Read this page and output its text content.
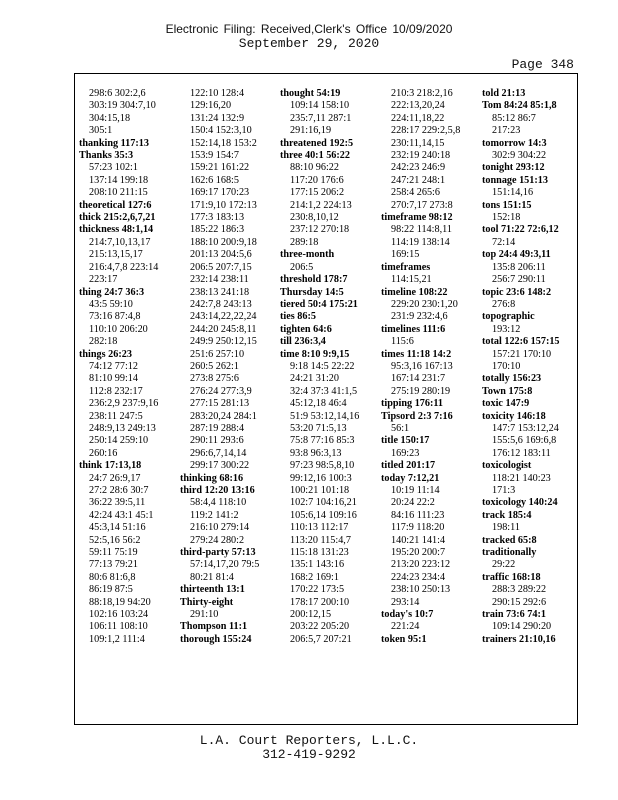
Electronic Filing: Received,Clerk's Office 10/09/2020
September 29, 2020
Page 348
298:6 302:2,6
303:19 304:7,10
304:15,18
305:1
thanking 117:13
Thanks 35:3
57:23 102:1
137:14 199:18
208:10 211:15
theoretical 127:6
thick 215:2,6,7,21
thickness 48:1,14
214:7,10,13,17
215:13,15,17
216:4,7,8 223:14
223:17
thing 24:7 36:3
43:5 59:10
73:16 87:4,8
110:10 206:20
282:18
things 26:23
74:12 77:12
81:10 99:14
112:8 232:17
236:2,9 237:9,16
238:11 247:5
248:9,13 249:13
250:14 259:10
260:16
think 17:13,18
24:7 26:9,17
27:2 28:6 30:7
36:22 39:5,11
42:24 43:1 45:1
45:3,14 51:16
52:5,16 56:2
59:11 75:19
77:13 79:21
80:6 81:6,8
86:19 87:5
88:18,19 94:20
102:16 103:24
106:11 108:10
109:1,2 111:4
122:10 128:4
129:16,20
131:24 132:9
150:4 152:3,10
152:14,18 153:2
153:9 154:7
159:21 161:22
162:6 168:5
169:17 170:23
171:9,10 172:13
177:3 183:13
185:22 186:3
188:10 200:9,18
201:13 204:5,6
206:5 207:7,15
232:14 238:11
238:13 241:18
242:7,8 243:13
243:14,22,22,24
244:20 245:8,11
249:9 250:12,15
251:6 257:10
260:5 262:1
273:8 275:6
276:24 277:3,9
277:15 281:13
283:20,24 284:1
287:19 288:4
290:11 293:6
296:6,7,14,14
299:17 300:22
thinking 68:16
third 12:20 13:16
58:4,4 118:10
119:2 141:2
216:10 279:14
279:24 280:2
third-party 57:13
57:14,17,20 79:5
80:21 81:4
thirteenth 13:1
Thirty-eight
291:10
Thompson 11:1
thorough 155:24
thought 54:19
109:14 158:10
235:7,11 287:1
291:16,19
threatened 192:5
three 40:1 56:22
88:10 96:22
117:20 176:6
177:15 206:2
214:1,2 224:13
230:8,10,12
237:12 270:18
289:18
three-month
206:5
threshold 178:7
Thursday 14:5
tiered 50:4 175:21
ties 86:5
tighten 64:6
till 236:3,4
time 8:10 9:9,15
9:18 14:5 22:22
24:21 31:20
32:4 37:3 41:1,5
45:12,18 46:4
51:9 53:12,14,16
53:20 71:5,13
75:8 77:16 85:3
93:8 96:3,13
97:23 98:5,8,10
99:12,16 100:3
100:21 101:18
102:7 104:16,21
105:6,14 109:16
110:13 112:17
113:20 115:4,7
115:18 131:23
135:1 143:16
168:2 169:1
170:22 173:5
178:17 200:10
200:12,15
203:22 205:20
206:5,7 207:21
210:3 218:2,16
222:13,20,24
224:11,18,22
228:17 229:2,5,8
230:11,14,15
232:19 240:18
242:23 246:9
247:21 248:1
258:4 265:6
270:7,17 273:8
timeframe 98:12
98:22 114:8,11
114:19 138:14
169:15
timeframes
114:15,21
timeline 108:22
229:20 230:1,20
231:9 232:4,6
timelines 111:6
115:6
times 11:18 14:2
95:3,16 167:13
167:14 231:7
275:19 280:19
tipping 176:11
Tipsord 2:3 7:16
56:1
title 150:17
169:23
titled 201:17
today 7:12,21
10:19 11:14
20:24 22:2
84:16 111:23
117:9 118:20
140:21 141:4
195:20 200:7
213:20 223:12
224:23 234:4
238:10 250:13
293:14
today's 10:7
221:24
token 95:1
told 21:13
Tom 84:24 85:1,8
85:12 86:7
217:23
tomorrow 14:3
302:9 304:22
tonight 293:12
tonnage 151:13
151:14,16
tons 151:15
152:18
tool 71:22 72:6,12
72:14
top 24:4 49:3,11
135:8 206:11
256:7 290:11
topic 23:6 148:2
276:8
topographic
193:12
total 122:6 157:15
157:21 170:10
170:10
totally 156:23
Town 175:8
toxic 147:9
toxicity 146:18
147:7 153:12,24
155:5,6 169:6,8
176:12 183:11
toxicologist
118:21 140:23
171:3
toxicology 140:24
track 185:4
198:11
tracked 65:8
traditionally
29:22
traffic 168:18
288:3 289:22
290:15 292:6
train 73:6 74:1
109:14 290:20
trainers 21:10,16
L.A. Court Reporters, L.L.C.
312-419-9292
